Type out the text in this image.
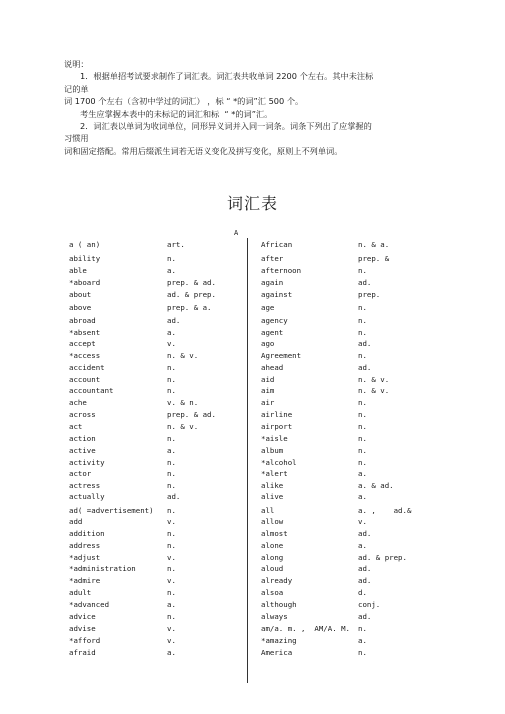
说明：

1．根据单招考试要求制作了词汇表。词汇表共收单词 2200 个左右。其中未注标

记的单

词 1700 个左右（含初中学过的词汇） ，标 “ *的词”汇 500 个。

考生应掌握本表中的未标记的词汇和标  “ *的词”汇。

2．词汇表以单词为收词单位，同形异义词并入同一词条。词条下列出了应掌握的

习惯用

词和固定搭配。常用后缀派生词若无语义变化及拼写变化，原则上不列单词。

词汇表
A
a ( an)	art.
ability	n.
able	a.
*aboard	prep. & ad.
about	ad. & prep.
above	prep. & a.
abroad	ad.
*absent	a.
accept	v.
*access	n. & v.
accident	n.
account	n.
accountant	n.
ache	v. & n.
across	prep. & ad.
act	n. & v.
action	n.
active	a.
activity	n.
actor	n.
actress	n.
actually	ad.
ad( =advertisement) n.
add	v.
addition	n.
address	n.
*adjust	v.
*administration	n.
*admire	v.
adult	n.
*advanced	a.
advice	n.
advise	v.
*afford	v.
afraid	a.
African	n. & a.
after	prep. &
afternoon	n.
again	ad.
against	prep.
age	n.
agency	n.
agent	n.
ago	ad.
Agreement	n.
ahead	ad.
aid	n. & v.
aim	n. & v.
air	n.
airline	n.
airport	n.
*aisle	n.
album	n.
*alcohol	n.
*alert	a.
alike	a. & ad.
alive	a.
all	a. ,    ad.&
allow	v.
almost	ad.
alone	a.
along	ad. & prep.
aloud	ad.
already	ad.
alsoa	d.
although	conj.
always	ad.
am/a. m. ,  AM/A. M. n.
*amazing	a.
America	n.
